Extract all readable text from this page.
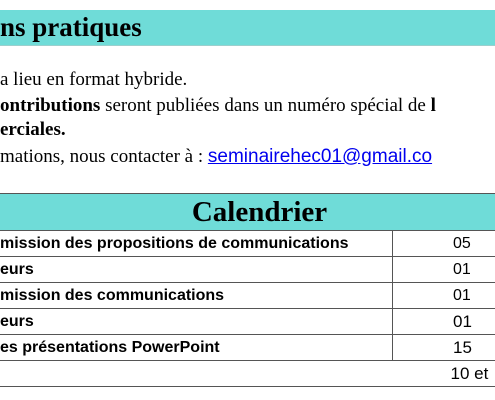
ns pratiques
a lieu en format hybride.
ontributions seront publiées dans un numéro spécial de l
erciales.
mations, nous contacter à : seminairehec01@gmail.co
Calendrier
mission des propositions de communications	05
eurs	01
mission des communications	01
eurs	01
es présentations PowerPoint	15
	10 et
